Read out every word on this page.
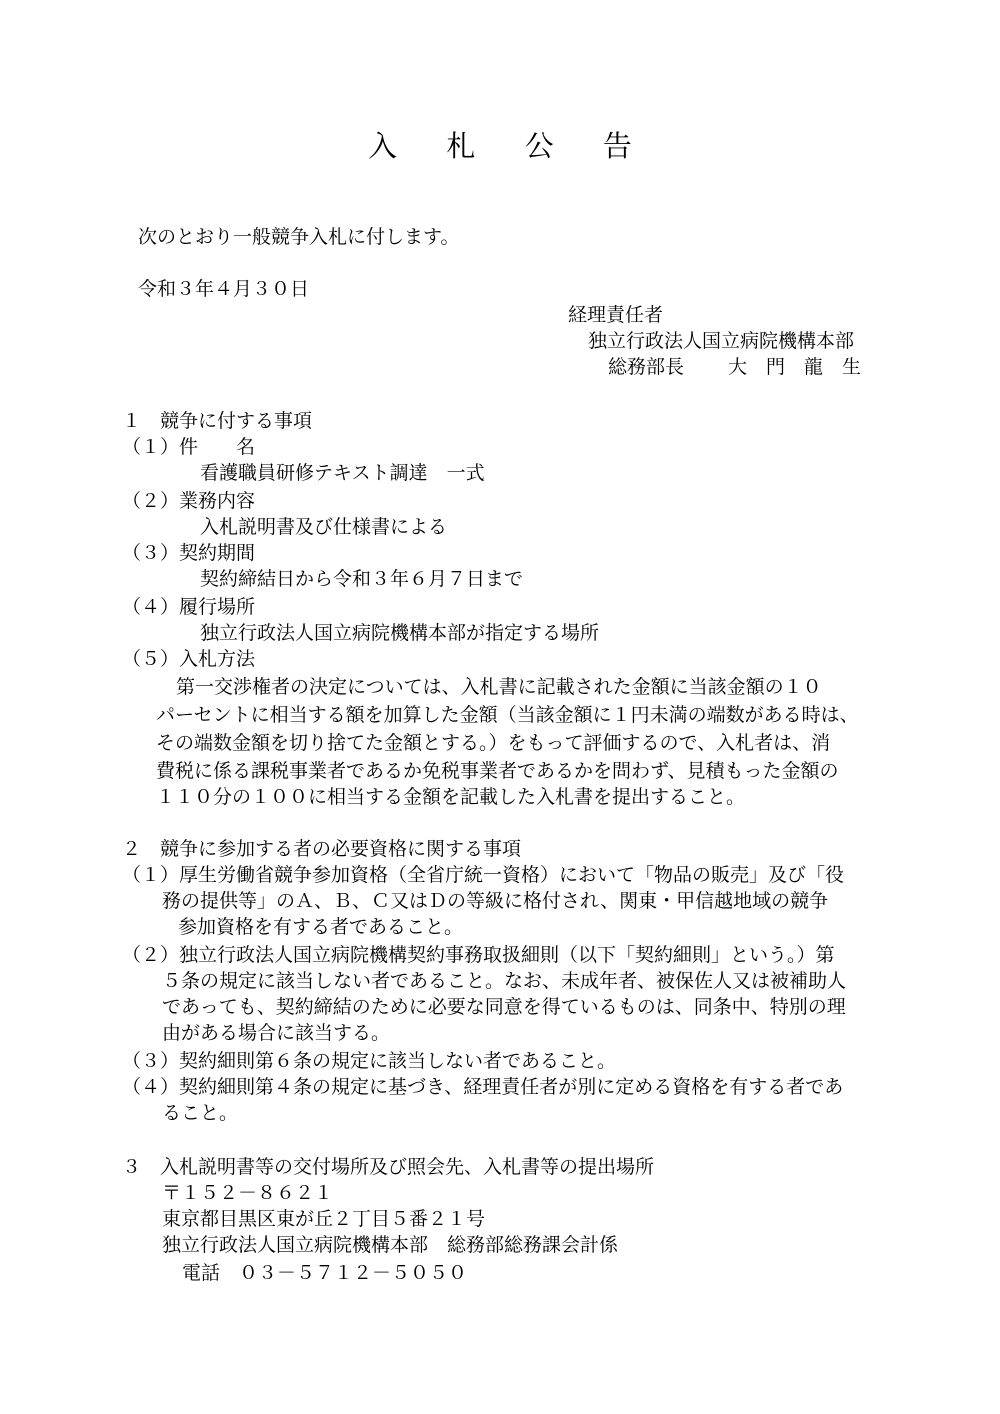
入 札 公 告

次のとおり一般競争入札に付します。

令和３年４月３０日

経理責任者

独立行政法人国立病院機構本部

総務部長 大　門　龍　生

１　競争に付する事項

（１）件　　名

看護職員研修テキスト調達　一式

（２）業務内容

入札説明書及び仕様書による

（３）契約期間

契約締結日から令和３年６月７日まで

（４）履行場所

独立行政法人国立病院機構本部が指定する場所

（５）入札方法

第一交渉権者の決定については、入札書に記載された金額に当該金額の１０

パーセントに相当する額を加算した金額（当該金額に１円未満の端数がある時は、

その端数金額を切り捨てた金額とする。）をもって評価するので、入札者は、消

費税に係る課税事業者であるか免税事業者であるかを問わず、見積もった金額の

１１０分の１００に相当する金額を記載した入札書を提出すること。

２　競争に参加する者の必要資格に関する事項

（１）厚生労働省競争参加資格（全省庁統一資格）において「物品の販売」及び「役

務の提供等」のＡ、Ｂ、Ｃ又はＤの等級に格付され、関東・甲信越地域の競争

参加資格を有する者であること。

（２）独立行政法人国立病院機構契約事務取扱細則（以下「契約細則」という。）第

５条の規定に該当しない者であること。なお、未成年者、被保佐人又は被補助人

であっても、契約締結のために必要な同意を得ているものは、同条中、特別の理

由がある場合に該当する。

（３）契約細則第６条の規定に該当しない者であること。

（４）契約細則第４条の規定に基づき、経理責任者が別に定める資格を有する者であ

ること。

３　入札説明書等の交付場所及び照会先、入札書等の提出場所

〒１５２－８６２１

東京都目黒区東が丘２丁目５番２１号

独立行政法人国立病院機構本部　総務部総務課会計係

電話　０３－５７１２－５０５０
